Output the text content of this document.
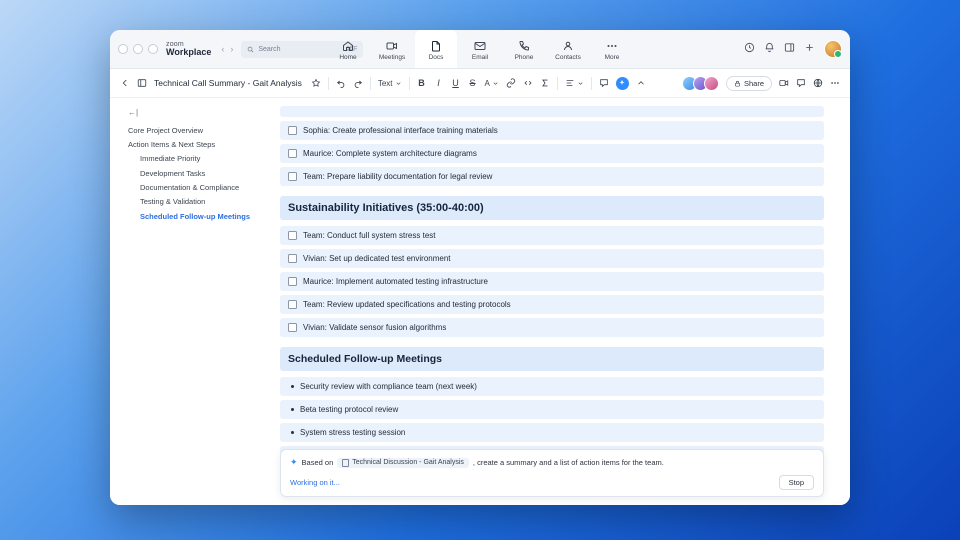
zoom
Workplace ‹ ›	Search	⌘F
Home	Meetings	Docs	Email	Phone	Contacts	More
Technical Call Summary - Gait Analysis	Text	B	I	U S A	Share
←|
Core Project Overview
Action Items & Next Steps
Immediate Priority
Development Tasks
Documentation & Compliance
Testing & Validation
Scheduled Follow-up Meetings
Sophia: Create professional interface training materials
Maurice: Complete system architecture diagrams
Team: Prepare liability documentation for legal review
Sustainability Initiatives (35:00-40:00)
Team: Conduct full system stress test
Vivian: Set up dedicated test environment
Maurice: Implement automated testing infrastructure
Team: Review updated specifications and testing protocols
Vivian: Validate sensor fusion algorithms
Scheduled Follow-up Meetings
Security review with compliance team (next week)
Beta testing protocol review
System stress testing session
✦ Based on	Technical Discussion - Gait Analysis , create a summary and a list of action items for the team.
Working on it...	Stop
